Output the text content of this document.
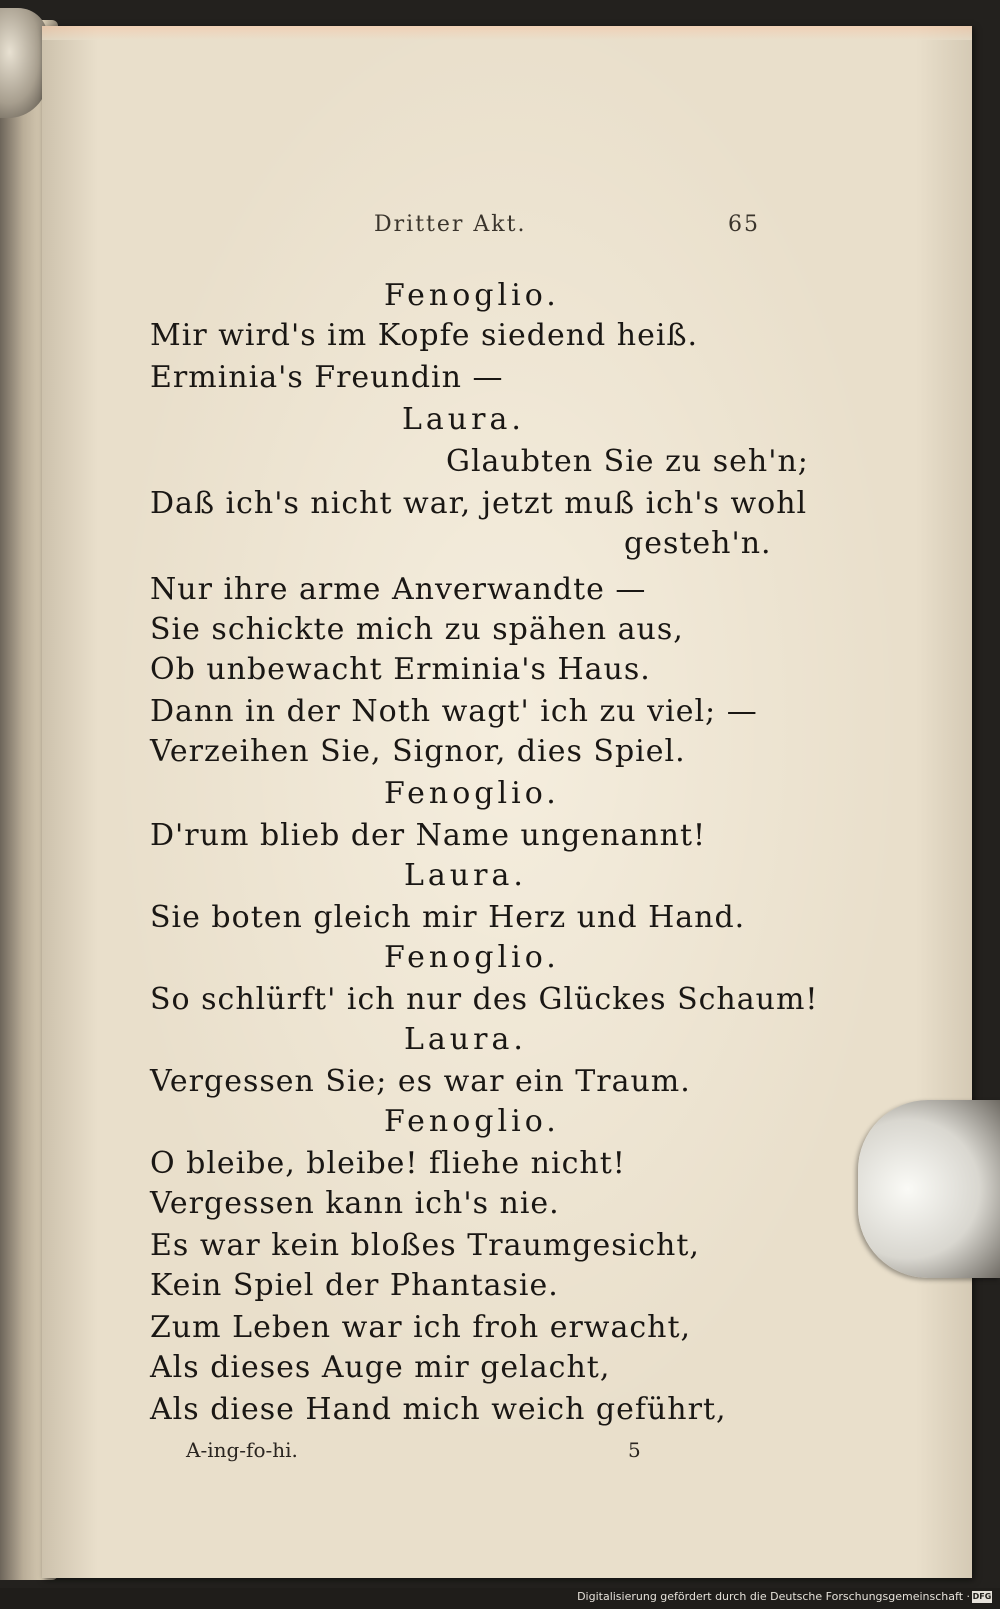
Dritter Akt.	65
Fenoglio.
Mir wird's im Kopfe siedend heiß.
Erminia's Freundin —
Laura.
Glaubten Sie zu seh'n;
Daß ich's nicht war, jetzt muß ich's wohl
gesteh'n.
Nur ihre arme Anverwandte —
Sie schickte mich zu spähen aus,
Ob unbewacht Erminia's Haus.
Dann in der Noth wagt' ich zu viel; —
Verzeihen Sie, Signor, dies Spiel.
Fenoglio.
D'rum blieb der Name ungenannt!
Laura.
Sie boten gleich mir Herz und Hand.
Fenoglio.
So schlürft' ich nur des Glückes Schaum!
Laura.
Vergessen Sie; es war ein Traum.
Fenoglio.
O bleibe, bleibe! fliehe nicht!
Vergessen kann ich's nie.
Es war kein bloßes Traumgesicht,
Kein Spiel der Phantasie.
Zum Leben war ich froh erwacht,
Als dieses Auge mir gelacht,
Als diese Hand mich weich geführt,
A-ing-fo-hi.	5
Digitalisierung gefördert durch die Deutsche Forschungsgemeinschaft · DFG
